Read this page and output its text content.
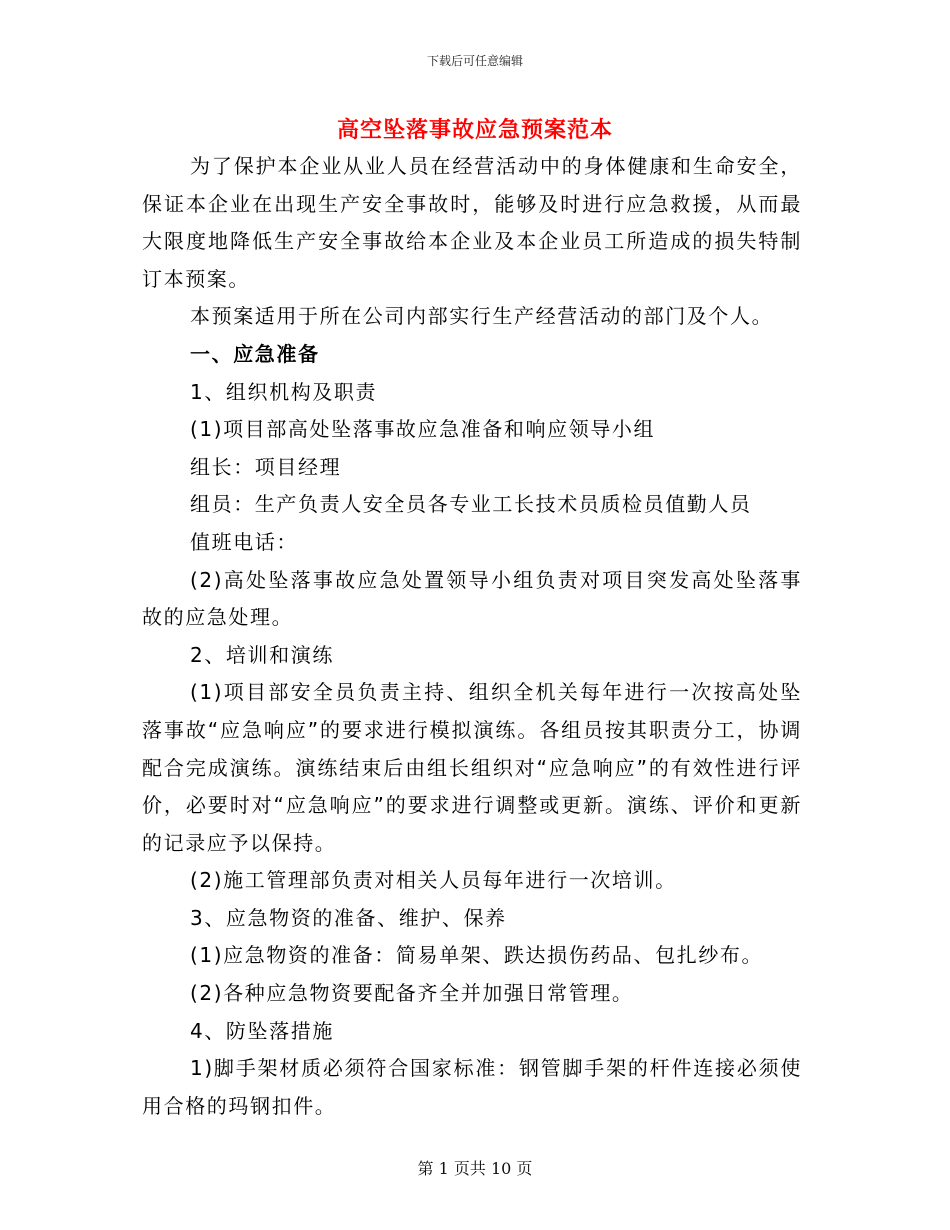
下载后可任意编辑
高空坠落事故应急预案范本

为了保护本企业从业人员在经营活动中的身体健康和生命安全，保证本企业在出现生产安全事故时，能够及时进行应急救援，从而最大限度地降低生产安全事故给本企业及本企业员工所造成的损失特制订本预案。

本预案适用于所在公司内部实行生产经营活动的部门及个人。

一、应急准备

1、组织机构及职责

(1)项目部高处坠落事故应急准备和响应领导小组

组长：项目经理

组员：生产负责人安全员各专业工长技术员质检员值勤人员

值班电话：

(2)高处坠落事故应急处置领导小组负责对项目突发高处坠落事故的应急处理。

2、培训和演练

(1)项目部安全员负责主持、组织全机关每年进行一次按高处坠落事故“应急响应”的要求进行模拟演练。各组员按其职责分工，协调配合完成演练。演练结束后由组长组织对“应急响应”的有效性进行评价，必要时对“应急响应”的要求进行调整或更新。演练、评价和更新的记录应予以保持。

(2)施工管理部负责对相关人员每年进行一次培训。

3、应急物资的准备、维护、保养

(1)应急物资的准备：简易单架、跌达损伤药品、包扎纱布。

(2)各种应急物资要配备齐全并加强日常管理。

4、防坠落措施

1)脚手架材质必须符合国家标准：钢管脚手架的杆件连接必须使用合格的玛钢扣件。

第 1 页共 10 页
